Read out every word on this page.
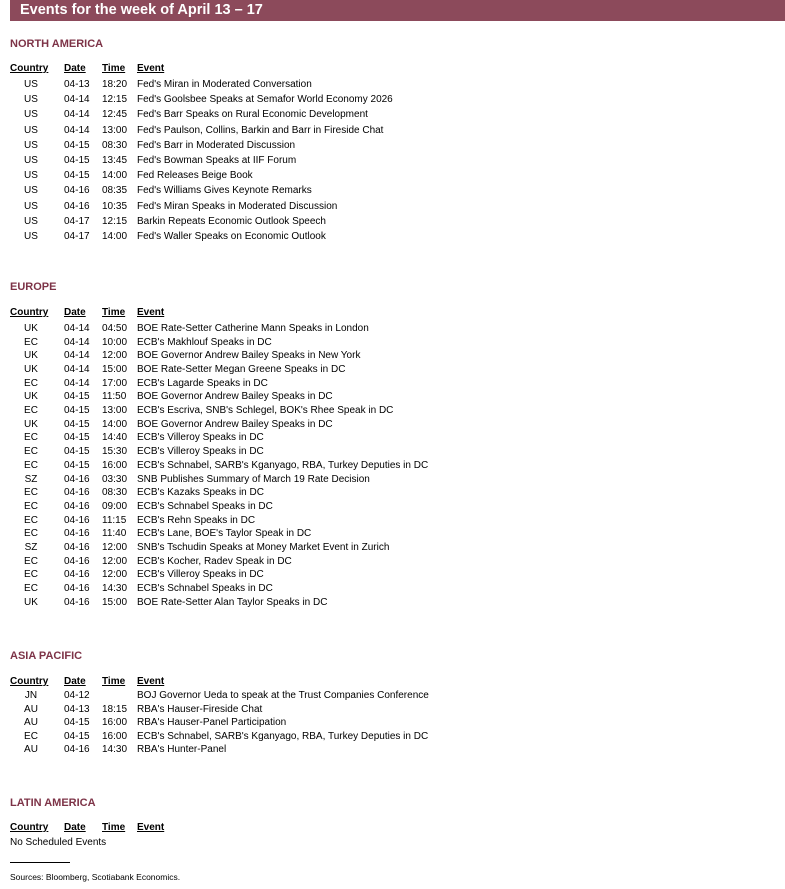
Events for the week of April 13 – 17
NORTH AMERICA
Country	Date Time Event
US	04-13 18:20 Fed's Miran in Moderated Conversation
US	04-14 12:15 Fed's Goolsbee Speaks at Semafor World Economy 2026
US	04-14 12:45 Fed's Barr Speaks on Rural Economic Development
US	04-14 13:00 Fed's Paulson, Collins, Barkin and Barr in Fireside Chat
US	04-15 08:30 Fed's Barr in Moderated Discussion
US	04-15 13:45 Fed's Bowman Speaks at IIF Forum
US	04-15 14:00 Fed Releases Beige Book
US	04-16 08:35 Fed's Williams Gives Keynote Remarks
US	04-16 10:35 Fed's Miran Speaks in Moderated Discussion
US	04-17 12:15 Barkin Repeats Economic Outlook Speech
US	04-17 14:00 Fed's Waller Speaks on Economic Outlook
EUROPE
Country	Date Time Event
UK	04-14 04:50 BOE Rate-Setter Catherine Mann Speaks in London
EC	04-14 10:00 ECB's Makhlouf Speaks in DC
UK	04-14 12:00 BOE Governor Andrew Bailey Speaks in New York
UK	04-14 15:00 BOE Rate-Setter Megan Greene Speaks in DC
EC	04-14 17:00 ECB's Lagarde Speaks in DC
UK	04-15 11:50 BOE Governor Andrew Bailey Speaks in DC
EC	04-15 13:00 ECB's Escriva, SNB's Schlegel, BOK's Rhee Speak in DC
UK	04-15 14:00 BOE Governor Andrew Bailey Speaks in DC
EC	04-15 14:40 ECB's Villeroy Speaks in DC
EC	04-15 15:30 ECB's Villeroy Speaks in DC
EC	04-15 16:00 ECB's Schnabel, SARB's Kganyago, RBA, Turkey Deputies in DC
SZ	04-16 03:30 SNB Publishes Summary of March 19 Rate Decision
EC	04-16 08:30 ECB's Kazaks Speaks in DC
EC	04-16 09:00 ECB's Schnabel Speaks in DC
EC	04-16 11:15 ECB's Rehn Speaks in DC
EC	04-16 11:40 ECB's Lane, BOE's Taylor Speak in DC
SZ	04-16 12:00 SNB's Tschudin Speaks at Money Market Event in Zurich
EC	04-16 12:00 ECB's Kocher, Radev Speak in DC
EC	04-16 12:00 ECB's Villeroy Speaks in DC
EC	04-16 14:30 ECB's Schnabel Speaks in DC
UK	04-16 15:00 BOE Rate-Setter Alan Taylor Speaks in DC
ASIA PACIFIC
Country	Date Time Event
JN	04-12	BOJ Governor Ueda to speak at the Trust Companies Conference
AU	04-13 18:15 RBA's Hauser-Fireside Chat
AU	04-15 16:00 RBA's Hauser-Panel Participation
EC	04-15 16:00 ECB's Schnabel, SARB's Kganyago, RBA, Turkey Deputies in DC
AU	04-16 14:30 RBA's Hunter-Panel
LATIN AMERICA
Country	Date Time Event
No Scheduled Events
Sources: Bloomberg, Scotiabank Economics.
